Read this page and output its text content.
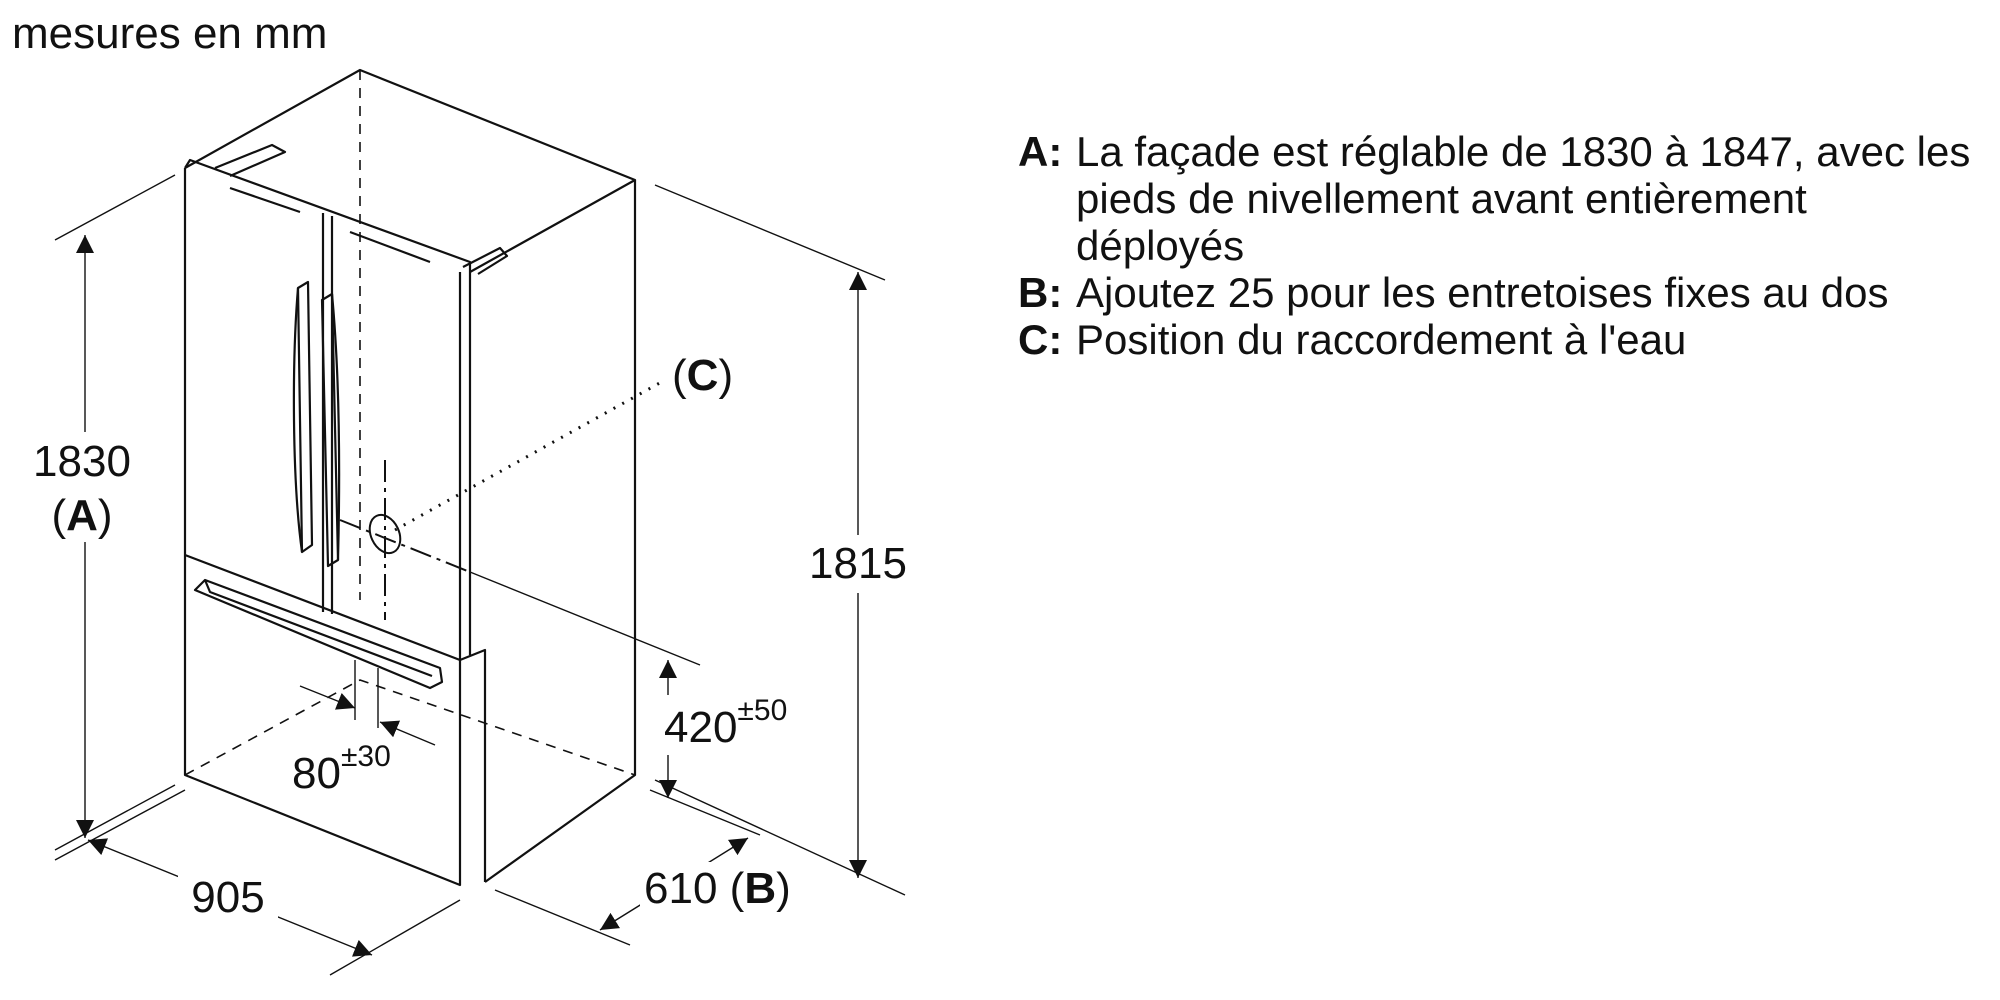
mesures en mm
1830
(A)
1815
905	610 (B)
$420^{\pm 50}$
$80^{\pm 30}$
(C)
A: La façade est réglable de 1830 à 1847, avec les pieds de nivellement avant entièrement déployés
B: Ajoutez 25 pour les entretoises fixes au dos
C: Position du raccordement à l'eau
